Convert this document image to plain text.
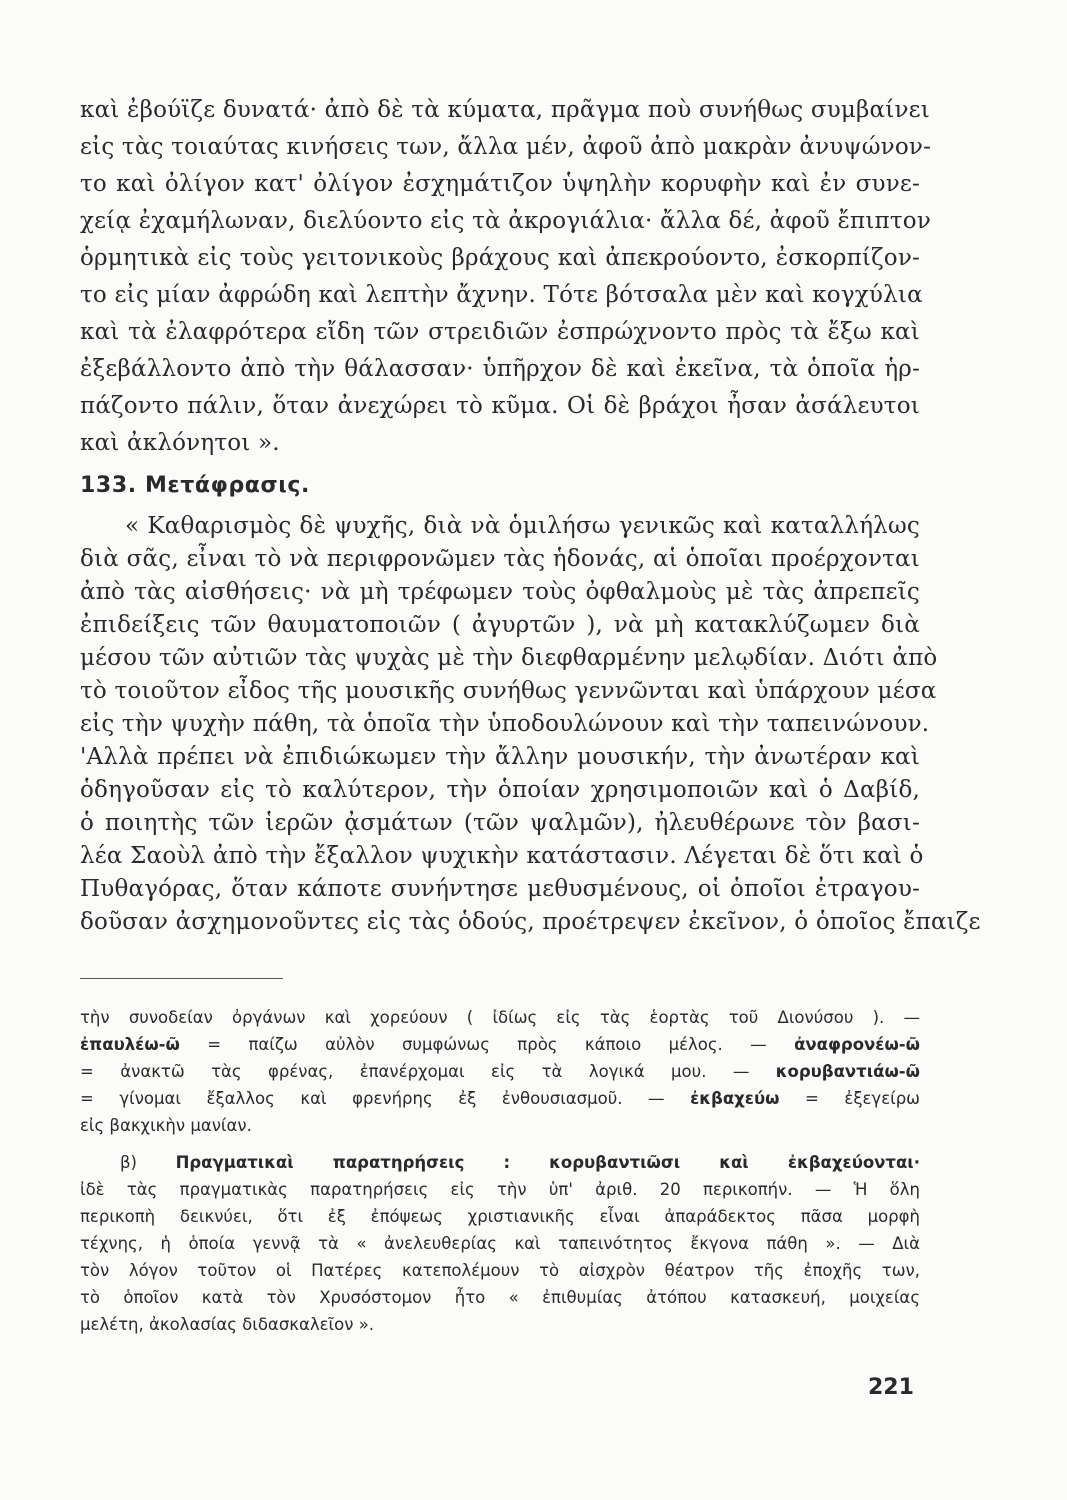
καὶ ἐβούϊζε δυνατά· ἀπὸ δὲ τὰ κύματα, πρᾶγμα ποὺ συνήθως συμβαίνει
εἰς τὰς τοιαύτας κινήσεις των, ἄλλα μέν, ἀφοῦ ἀπὸ μακρὰν ἀνυψώνον-
το καὶ ὀλίγον κατ' ὀλίγον ἐσχημάτιζον ὑψηλὴν κορυφὴν καὶ ἐν συνε-
χείᾳ ἐχαμήλωναν, διελύοντο εἰς τὰ ἀκρογιάλια· ἄλλα δέ, ἀφοῦ ἔπιπτον
ὁρμητικὰ εἰς τοὺς γειτονικοὺς βράχους καὶ ἀπεκρούοντο, ἐσκορπίζον-
το εἰς μίαν ἀφρώδη καὶ λεπτὴν ἄχνην. Τότε βότσαλα μὲν καὶ κογχύλια
καὶ τὰ ἐλαφρότερα εἴδη τῶν στρειδιῶν ἐσπρώχνοντο πρὸς τὰ ἔξω καὶ
ἐξεβάλλοντο ἀπὸ τὴν θάλασσαν· ὑπῆρχον δὲ καὶ ἐκεῖνα, τὰ ὁποῖα ἡρ-
πάζοντο πάλιν, ὅταν ἀνεχώρει τὸ κῦμα. Οἱ δὲ βράχοι ἦσαν ἀσάλευτοι
καὶ ἀκλόνητοι ».
133. Μετάφρασις.
« Καθαρισμὸς δὲ ψυχῆς, διὰ νὰ ὁμιλήσω γενικῶς καὶ καταλλήλως
διὰ σᾶς, εἶναι τὸ νὰ περιφρονῶμεν τὰς ἡδονάς, αἱ ὁποῖαι προέρχονται
ἀπὸ τὰς αἰσθήσεις· νὰ μὴ τρέφωμεν τοὺς ὀφθαλμοὺς μὲ τὰς ἀπρεπεῖς
ἐπιδείξεις τῶν θαυματοποιῶν ( ἀγυρτῶν ), νὰ μὴ κατακλύζωμεν διὰ
μέσου τῶν αὐτιῶν τὰς ψυχὰς μὲ τὴν διεφθαρμένην μελῳδίαν. Διότι ἀπὸ
τὸ τοιοῦτον εἶδος τῆς μουσικῆς συνήθως γεννῶνται καὶ ὑπάρχουν μέσα
εἰς τὴν ψυχὴν πάθη, τὰ ὁποῖα τὴν ὑποδουλώνουν καὶ τὴν ταπεινώνουν.
'Αλλὰ πρέπει νὰ ἐπιδιώκωμεν τὴν ἄλλην μουσικήν, τὴν ἀνωτέραν καὶ
ὁδηγοῦσαν εἰς τὸ καλύτερον, τὴν ὁποίαν χρησιμοποιῶν καὶ ὁ Δαβίδ,
ὁ ποιητὴς τῶν ἱερῶν ᾀσμάτων (τῶν ψαλμῶν), ἠλευθέρωνε τὸν βασι-
λέα Σαοὺλ ἀπὸ τὴν ἔξαλλον ψυχικὴν κατάστασιν. Λέγεται δὲ ὅτι καὶ ὁ
Πυθαγόρας, ὅταν κάποτε συνήντησε μεθυσμένους, οἱ ὁποῖοι ἐτραγου-
δοῦσαν ἀσχημονοῦντες εἰς τὰς ὁδούς, προέτρεψεν ἐκεῖνον, ὁ ὁποῖος ἔπαιζε
τὴν συνοδείαν ὀργάνων καὶ χορεύουν ( ἰδίως εἰς τὰς ἑορτὰς τοῦ Διονύσου ). —
ἐπαυλέω-ῶ = παίζω αὐλὸν συμφώνως πρὸς κάποιο μέλος. — ἀναφρονέω-ῶ
= ἀνακτῶ τὰς φρένας, ἐπανέρχομαι εἰς τὰ λογικά μου. — κορυβαντιάω-ῶ
= γίνομαι ἔξαλλος καὶ φρενήρης ἐξ ἐνθουσιασμοῦ. — ἐκβαχεύω = ἐξεγείρω
εἰς βακχικὴν μανίαν.
β) Πραγματικαὶ παρατηρήσεις : κορυβαντιῶσι καὶ ἐκβαχεύονται·
ἰδὲ τὰς πραγματικὰς παρατηρήσεις εἰς τὴν ὑπ' ἀριθ. 20 περικοπήν. — Ἡ ὅλη
περικοπὴ δεικνύει, ὅτι ἐξ ἐπόψεως χριστιανικῆς εἶναι ἀπαράδεκτος πᾶσα μορφὴ
τέχνης, ἡ ὁποία γεννᾷ τὰ « ἀνελευθερίας καὶ ταπεινότητος ἔκγονα πάθη ». — Διὰ
τὸν λόγον τοῦτον οἱ Πατέρες κατεπολέμουν τὸ αἰσχρὸν θέατρον τῆς ἐποχῆς των,
τὸ ὁποῖον κατὰ τὸν Χρυσόστομον ἦτο « ἐπιθυμίας ἀτόπου κατασκευή, μοιχείας
μελέτη, ἀκολασίας διδασκαλεῖον ».
221
